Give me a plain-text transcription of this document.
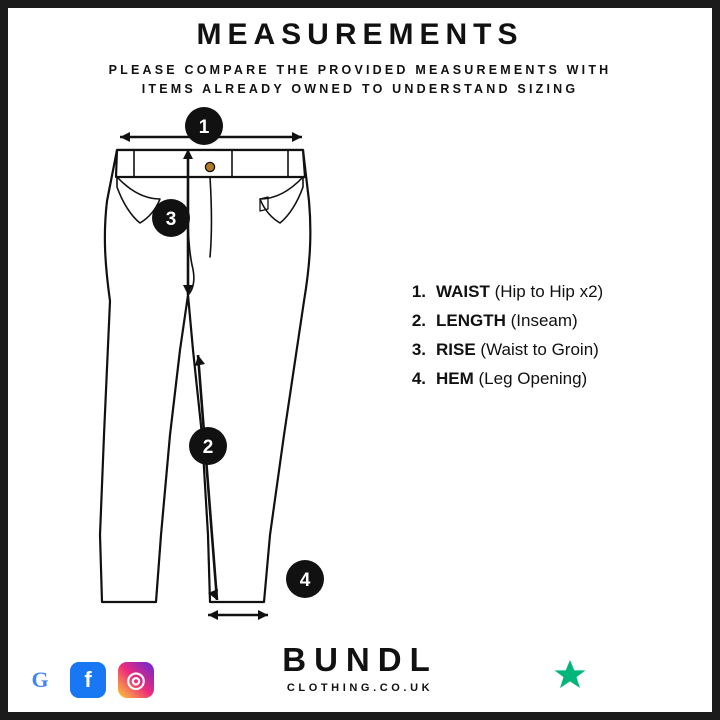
MEASUREMENTS
PLEASE COMPARE THE PROVIDED MEASUREMENTS WITH
ITEMS ALREADY OWNED TO UNDERSTAND SIZING
1
3
2
4
1. WAIST (Hip to Hip x2)
2. LENGTH (Inseam)
3. RISE (Waist to Groin)
4. HEM (Leg Opening)
G	f	◎
BUNDL
CLOTHING.CO.UK	Trustpilot
